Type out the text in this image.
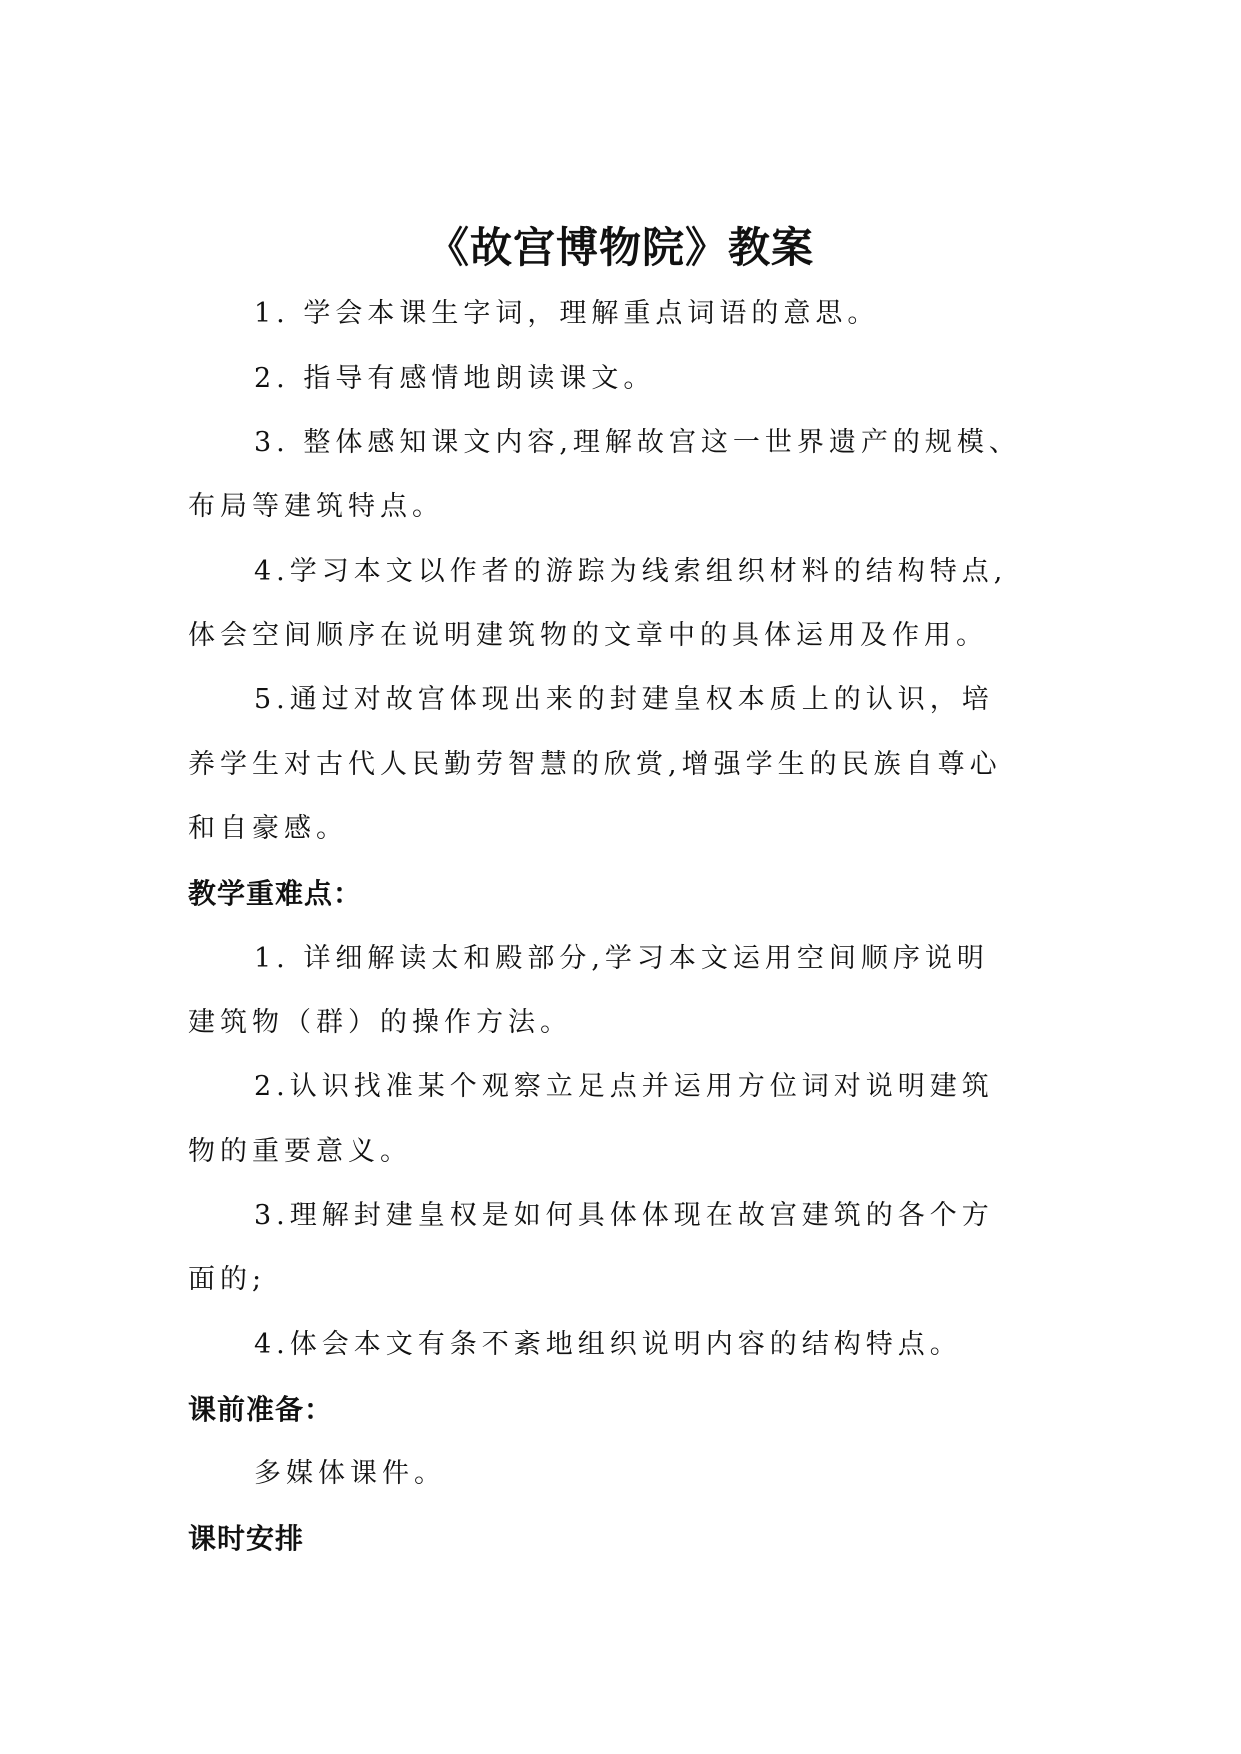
《故宫博物院》教案
1. 学会本课生字词，理解重点词语的意思。
2. 指导有感情地朗读课文。
3. 整体感知课文内容,理解故宫这一世界遗产的规模、
布局等建筑特点。
4.学习本文以作者的游踪为线索组织材料的结构特点,
体会空间顺序在说明建筑物的文章中的具体运用及作用。
5.通过对故宫体现出来的封建皇权本质上的认识，培
养学生对古代人民勤劳智慧的欣赏,增强学生的民族自尊心
和自豪感。
教学重难点：
1. 详细解读太和殿部分,学习本文运用空间顺序说明
建筑物（群）的操作方法。
2.认识找准某个观察立足点并运用方位词对说明建筑
物的重要意义。
3.理解封建皇权是如何具体体现在故宫建筑的各个方
面的;
4.体会本文有条不紊地组织说明内容的结构特点。
课前准备：
多媒体课件。
课时安排
